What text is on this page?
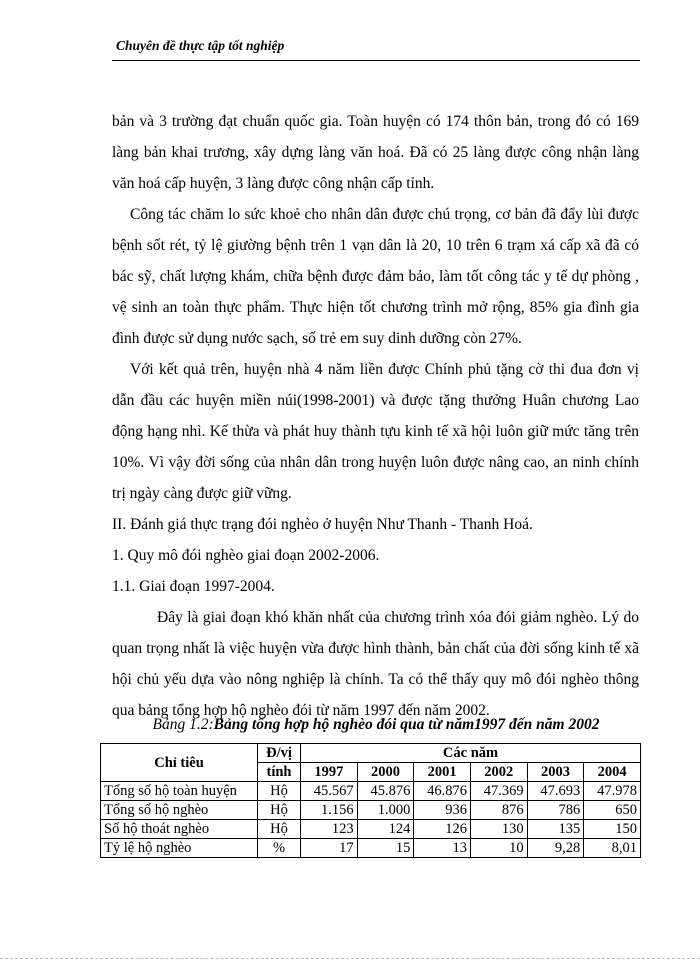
Chuyên đề thực tập tốt nghiệp

bản và 3 trường đạt chuẩn quốc gia. Toàn huyện có 174 thôn bản, trong đó có 169 làng bản khai trương, xây dựng làng văn hoá. Đã có 25 làng được công nhận làng văn hoá cấp huyện, 3 làng được công nhận cấp tỉnh.

Công tác chăm lo sức khoẻ cho nhân dân được chú trọng, cơ bản đã đẩy lùi được bệnh sốt rét, tỷ lệ giường bệnh trên 1 vạn dân là 20, 10 trên 6 trạm xá cấp xã đã có bác sỹ, chất lượng khám, chữa bệnh được đảm bảo, làm tốt công tác y tế dự phòng , vệ sinh an toàn thực phẩm. Thực hiện tốt chương trình mở rộng, 85% gia đình gia đình được sử dụng nước sạch, số trẻ em suy dinh dưỡng còn 27%.

Với kết quả trên, huyện nhà 4 năm liền được Chính phủ tặng cờ thi đua đơn vị dẫn đầu các huyện miền núi(1998-2001) và được tặng thưởng Huân chương Lao động hạng nhì. Kế thừa và phát huy thành tựu kinh tế xã hội luôn giữ mức tăng trên 10%. Vì vậy đời sống của nhân dân trong huyện luôn được nâng cao, an ninh chính trị ngày càng được giữ vững.

II. Đánh giá thực trạng đói nghèo ở huyện Như Thanh - Thanh Hoá.

1. Quy mô đói nghèo giai đoạn 2002-2006.

1.1. Giai đoạn 1997-2004.

Đây là giai đoạn khó khăn nhất của chương trình xóa đói giảm nghèo. Lý do quan trọng nhất là việc huyện vừa được hình thành, bản chất của đời sống kinh tế xã hội chủ yếu dựa vào nông nghiệp là chính. Ta có thể thấy quy mô đói nghèo thông qua bảng tổng hợp hộ nghèo đói từ năm 1997 đến năm 2002.

Bảng 1.2:Bảng tổng hợp hộ nghèo đói qua từ năm1997 đến năm 2002
Chỉ tiêu	Đ/vị	Các năm					
	tính	1997	2000	2001	2002	2003	2004
Tổng số hộ toàn huyện	Hộ	45.567	45.876	46.876	47.369	47.693	47.978
Tổng số hộ nghèo	Hộ	1.156	1.000	936	876	786	650
Số hộ thoát nghèo	Hộ	123	124	126	130	135	150
Tỷ lệ hộ nghèo	%	17	15	13	10	9,28	8,01
